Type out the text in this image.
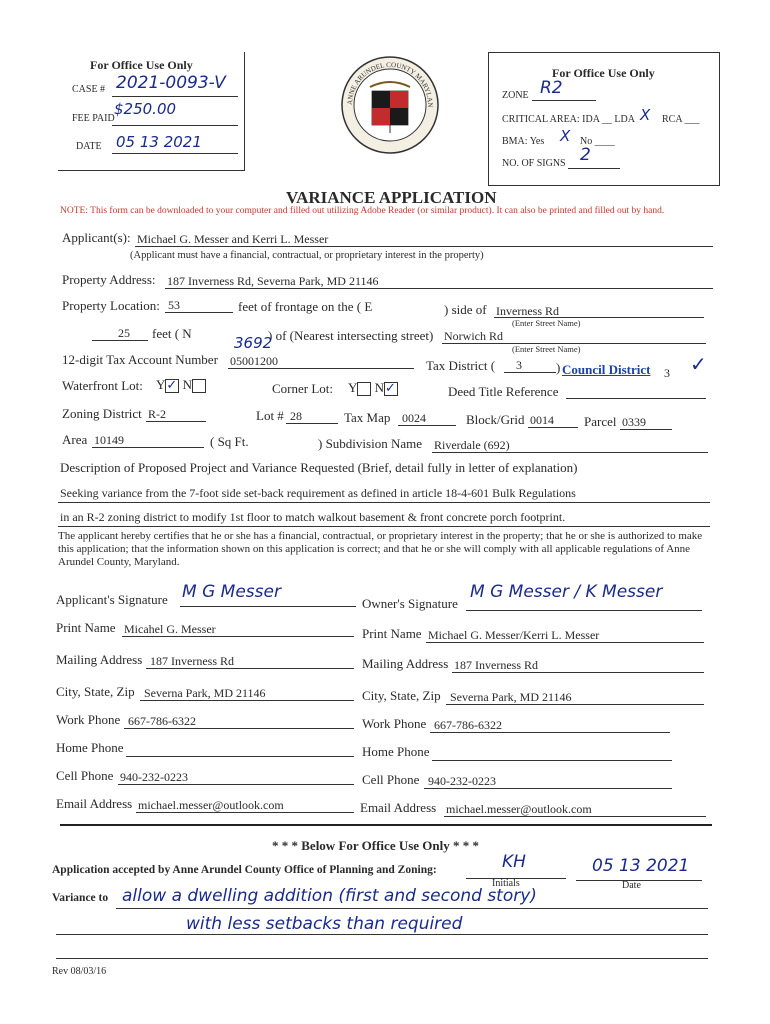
For Office Use Only
CASE # 2021-0093-V
FEE PAID
$250.00
DATE 05 13 2021
ANNE ARUNDEL COUNTY MARYLAN
For Office Use Only
ZONE R2
CRITICAL AREA: IDA __ LDA X RCA ___
BMA: Yes X No ____
NO. OF SIGNS 2
VARIANCE APPLICATION
NOTE: This form can be downloaded to your computer and filled out utilizing Adobe Reader (or similar product). It can also be printed and filled out by hand.
Applicant(s): Michael G. Messer and Kerri L. Messer
(Applicant must have a financial, contractual, or proprietary interest in the property)
Property Address: 187 Inverness Rd, Severna Park, MD 21146
Property Location: 53	feet of frontage on the ( E	) side of Inverness Rd
(Enter Street Name)
25 feet ( N	) of (Nearest intersecting street) Norwich Rd
(Enter Street Name)
3692
12-digit Tax Account Number 05001200	Tax District ( 3	) Council District 3 ✓
Waterfront Lot: Y ✓ N	Corner Lot: Y N ✓	Deed Title Reference
Zoning District R-2	Lot # 28	Tax Map 0024	Block/Grid 0014 Parcel 0339
Area 10149	( Sq Ft.	) Subdivision Name Riverdale (692)
Description of Proposed Project and Variance Requested (Brief, detail fully in letter of explanation)
Seeking variance from the 7-foot side set-back requirement as defined in article 18-4-601 Bulk Regulations
in an R-2 zoning district to modify 1st floor to match walkout basement & front concrete porch footprint.
The applicant hereby certifies that he or she has a financial, contractual, or proprietary interest in the property; that he or she is authorized to make this application; that the information shown on this application is correct; and that he or she will comply with all applicable regulations of Anne Arundel County, Maryland.
Applicant's Signature M G Messer
Print Name Micahel G. Messer
Mailing Address 187 Inverness Rd
City, State, Zip Severna Park, MD 21146
Work Phone 667-786-6322
Home Phone
Cell Phone 940-232-0223
Email Address michael.messer@outlook.com
Owner's Signature
M G Messer / K Messer
Print Name Michael G. Messer/Kerri L. Messer
Mailing Address 187 Inverness Rd
City, State, Zip Severna Park, MD 21146
Work Phone 667-786-6322
Home Phone
Cell Phone 940-232-0223
Email Address michael.messer@outlook.com
* * * Below For Office Use Only * * *
Application accepted by Anne Arundel County Office of Planning and Zoning:	KH
Initials
05 13 2021
Date
Variance to allow a dwelling addition (first and second story)
with less setbacks than required
Rev 08/03/16
